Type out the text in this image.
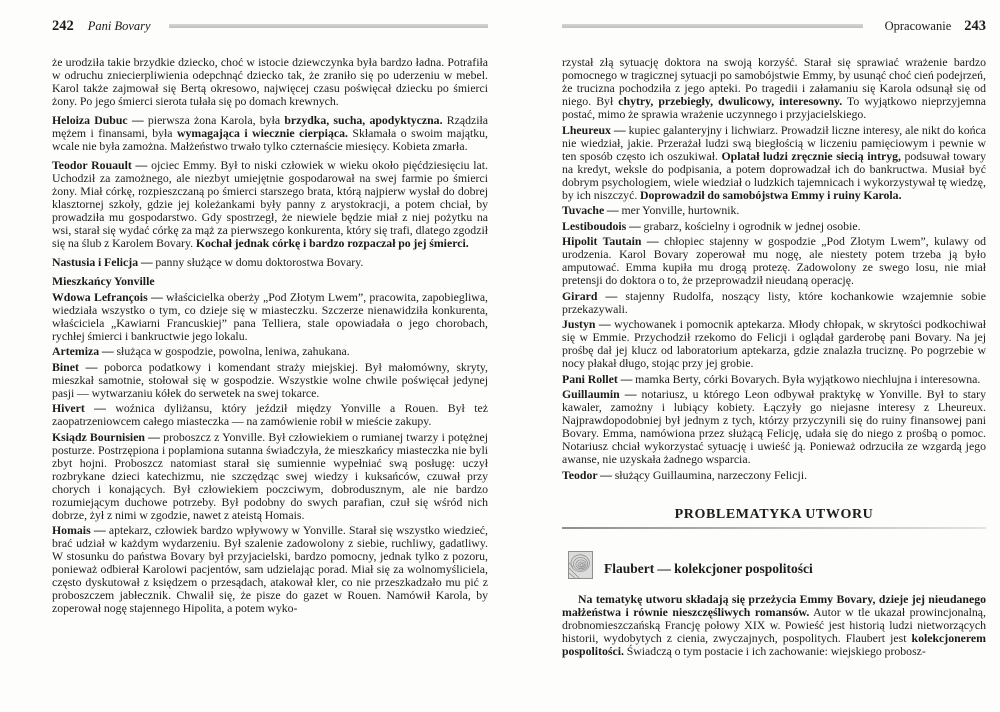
242 Pani Bovary

że urodziła takie brzydkie dziecko, choć w istocie dziewczynka była bardzo ładna. Potrafiła w odruchu zniecierpliwienia odepchnąć dziecko tak, że zraniło się po uderzeniu w mebel. Karol także zajmował się Bertą okresowo, najwięcej czasu poświęcał dziecku po śmierci żony. Po jego śmierci sierota tułała się po domach krewnych.

Heloiza Dubuc — pierwsza żona Karola, była brzydka, sucha, apodyktyczna. Rządziła mężem i finansami, była wymagająca i wiecznie cierpiąca. Skłamała o swoim majątku, wcale nie była zamożna. Małżeństwo trwało tylko czternaście miesięcy. Kobieta zmarła.

Teodor Rouault — ojciec Emmy. Był to niski człowiek w wieku około pięćdziesięciu lat. Uchodził za zamożnego, ale niezbyt umiejętnie gospodarował na swej farmie po śmierci żony. Miał córkę, rozpieszczaną po śmierci starszego brata, którą najpierw wysłał do dobrej klasztornej szkoły, gdzie jej koleżankami były panny z arystokracji, a potem chciał, by prowadziła mu gospodarstwo. Gdy spostrzegł, że niewiele będzie miał z niej pożytku na wsi, starał się wydać córkę za mąż za pierwszego konkurenta, który się trafi, dlatego zgodził się na ślub z Karolem Bovary. Kochał jednak córkę i bardzo rozpaczał po jej śmierci.

Nastusia i Felicja — panny służące w domu doktorostwa Bovary.

Mieszkańcy Yonville

Wdowa Lefrançois — właścicielka oberży „Pod Złotym Lwem”, pracowita, zapobiegliwa, wiedziała wszystko o tym, co dzieje się w miasteczku. Szczerze nienawidziła konkurenta, właściciela „Kawiarni Francuskiej” pana Telliera, stale opowiadała o jego chorobach, rychłej śmierci i bankructwie jego lokalu.

Artemiza — służąca w gospodzie, powolna, leniwa, zahukana.

Binet — poborca podatkowy i komendant straży miejskiej. Był małomówny, skryty, mieszkał samotnie, stołował się w gospodzie. Wszystkie wolne chwile poświęcał jedynej pasji — wytwarzaniu kółek do serwetek na swej tokarce.

Hivert — woźnica dyliżansu, który jeździł między Yonville a Rouen. Był też zaopatrzeniowcem całego miasteczka — na zamówienie robił w mieście zakupy.

Ksiądz Bournisien — proboszcz z Yonville. Był człowiekiem o rumianej twarzy i potężnej posturze. Postrzępiona i poplamiona sutanna świadczyła, że mieszkańcy miasteczka nie byli zbyt hojni. Proboszcz natomiast starał się sumiennie wypełniać swą posługę: uczył rozbrykane dzieci katechizmu, nie szczędząc swej wiedzy i kuksańców, czuwał przy chorych i konających. Był człowiekiem poczciwym, dobrodusznym, ale nie bardzo rozumiejącym duchowe potrzeby. Był podobny do swych parafian, czuł się wśród nich dobrze, żył z nimi w zgodzie, nawet z ateistą Homais.

Homais — aptekarz, człowiek bardzo wpływowy w Yonville. Starał się wszystko wiedzieć, brać udział w każdym wydarzeniu. Był szalenie zadowolony z siebie, ruchliwy, gadatliwy. W stosunku do państwa Bovary był przyjacielski, bardzo pomocny, jednak tylko z pozoru, ponieważ odbierał Karolowi pacjentów, sam udzielając porad. Miał się za wolnomyśliciela, często dyskutował z księdzem o przesądach, atakował kler, co nie przeszkadzało mu pić z proboszczem jabłecznik. Chwalił się, że pisze do gazet w Rouen. Namówił Karola, by zoperował nogę stajennego Hipolita, a potem wyko-

Opracowanie 243

rzystał złą sytuację doktora na swoją korzyść. Starał się sprawiać wrażenie bardzo pomocnego w tragicznej sytuacji po samobójstwie Emmy, by usunąć choć cień podejrzeń, że trucizna pochodziła z jego apteki. Po tragedii i załamaniu się Karola odsunął się od niego. Był chytry, przebiegły, dwulicowy, interesowny. To wyjątkowo nieprzyjemna postać, mimo że sprawia wrażenie uczynnego i przyjacielskiego.

Lheureux — kupiec galanteryjny i lichwiarz. Prowadził liczne interesy, ale nikt do końca nie wiedział, jakie. Przerażał ludzi swą biegłością w liczeniu pamięciowym i pewnie w ten sposób często ich oszukiwał. Oplatał ludzi zręcznie siecią intryg, podsuwał towary na kredyt, weksle do podpisania, a potem doprowadzał ich do bankructwa. Musiał być dobrym psychologiem, wiele wiedział o ludzkich tajemnicach i wykorzystywał tę wiedzę, by ich niszczyć. Doprowadził do samobójstwa Emmy i ruiny Karola.

Tuvache — mer Yonville, hurtownik.

Lestiboudois — grabarz, kościelny i ogrodnik w jednej osobie.

Hipolit Tautain — chłopiec stajenny w gospodzie „Pod Złotym Lwem”, kulawy od urodzenia. Karol Bovary zoperował mu nogę, ale niestety potem trzeba ją było amputować. Emma kupiła mu drogą protezę. Zadowolony ze swego losu, nie miał pretensji do doktora o to, że przeprowadził nieudaną operację.

Girard — stajenny Rudolfa, noszący listy, które kochankowie wzajemnie sobie przekazywali.

Justyn — wychowanek i pomocnik aptekarza. Młody chłopak, w skrytości podkochiwał się w Emmie. Przychodził rzekomo do Felicji i oglądał garderobę pani Bovary. Na jej prośbę dał jej klucz od laboratorium aptekarza, gdzie znalazła truciznę. Po pogrzebie w nocy płakał długo, stojąc przy jej grobie.

Pani Rollet — mamka Berty, córki Bovarych. Była wyjątkowo niechlujna i interesowna.

Guillaumin — notariusz, u którego Leon odbywał praktykę w Yonville. Był to stary kawaler, zamożny i lubiący kobiety. Łączyły go niejasne interesy z Lheureux. Najprawdopodobniej był jednym z tych, którzy przyczynili się do ruiny finansowej pani Bovary. Emma, namówiona przez służącą Felicję, udała się do niego z prośbą o pomoc. Notariusz chciał wykorzystać sytuację i uwieść ją. Ponieważ odrzuciła ze wzgardą jego awanse, nie uzyskała żadnego wsparcia.

Teodor — służący Guillaumina, narzeczony Felicji.

PROBLEMATYKA UTWORU
Flaubert — kolekcjoner pospolitości

Na tematykę utworu składają się przeżycia Emmy Bovary, dzieje jej nieudanego małżeństwa i równie nieszczęśliwych romansów. Autor w tle ukazał prowincjonalną, drobnomieszczańską Francję połowy XIX w. Powieść jest historią ludzi nietworzących historii, wydobytych z cienia, zwyczajnych, pospolitych. Flaubert jest kolekcjonerem pospolitości. Świadczą o tym postacie i ich zachowanie: wiejskiego probosz-
